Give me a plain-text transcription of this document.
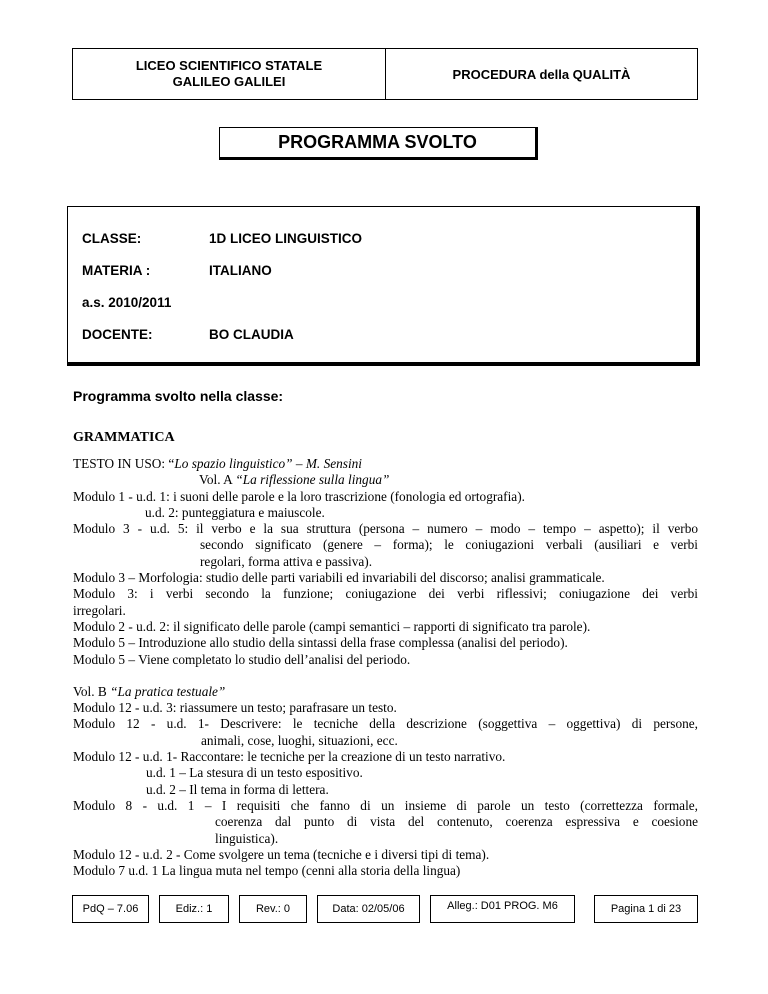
LICEO SCIENTIFICO STATALE
GALILEO GALILEI	PROCEDURA della QUALITÀ
PROGRAMMA SVOLTO
CLASSE:	1D LICEO LINGUISTICO
MATERIA :	ITALIANO
a.s. 2010/2011
DOCENTE:	BO CLAUDIA
Programma svolto nella classe:
GRAMMATICA

TESTO IN USO: “Lo spazio linguistico” – M. Sensini

Vol. A “La riflessione sulla lingua”

Modulo 1 - u.d. 1: i suoni delle parole e la loro trascrizione (fonologia ed ortografia).

u.d. 2: punteggiatura e maiuscole.

Modulo 3 - u.d. 5: il verbo e la sua struttura (persona – numero – modo – tempo – aspetto); il verbo

secondo significato (genere – forma); le coniugazioni verbali (ausiliari e verbi

regolari, forma attiva e passiva).

Modulo 3 – Morfologia: studio delle parti variabili ed invariabili del discorso; analisi grammaticale.

Modulo 3: i verbi secondo la funzione; coniugazione dei verbi riflessivi; coniugazione dei verbi

irregolari.

Modulo 2 - u.d. 2: il significato delle parole (campi semantici – rapporti di significato tra parole).

Modulo 5 – Introduzione allo studio della sintassi della frase complessa (analisi del periodo).

Modulo 5 – Viene completato lo studio dell’analisi del periodo.

Vol. B “La pratica testuale”

Modulo 12 - u.d. 3: riassumere un testo; parafrasare un testo.

Modulo 12 - u.d. 1- Descrivere: le tecniche della descrizione (soggettiva – oggettiva) di persone,

animali, cose, luoghi, situazioni, ecc.

Modulo 12 - u.d. 1- Raccontare: le tecniche per la creazione di un testo narrativo.

u.d. 1 – La stesura di un testo espositivo.

u.d. 2 – Il tema in forma di lettera.

Modulo 8 - u.d. 1 – I requisiti che fanno di un insieme di parole un testo (correttezza formale,

coerenza dal punto di vista del contenuto, coerenza espressiva e coesione

linguistica).

Modulo 12 - u.d. 2 - Come svolgere un tema (tecniche e i diversi tipi di tema).

Modulo 7 u.d. 1 La lingua muta nel tempo (cenni alla storia della lingua)

PdQ – 7.06	Ediz.: 1	Rev.: 0	Data: 02/05/06	Alleg.: D01 PROG. M6	Pagina 1 di 23
